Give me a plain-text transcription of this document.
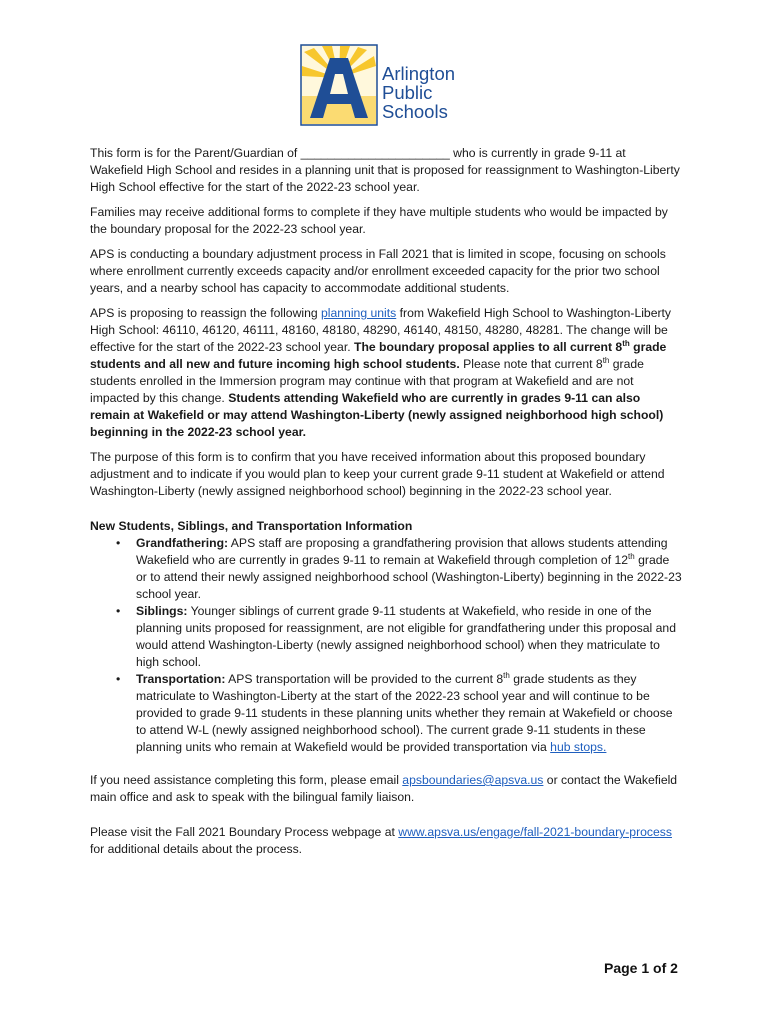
Arlington
Public
Schools

This form is for the Parent/Guardian of ______________________ who is currently in grade 9-11 at Wakefield High School and resides in a planning unit that is proposed for reassignment to Washington-Liberty High School effective for the start of the 2022-23 school year.

Families may receive additional forms to complete if they have multiple students who would be impacted by the boundary proposal for the 2022-23 school year.

APS is conducting a boundary adjustment process in Fall 2021 that is limited in scope, focusing on schools where enrollment currently exceeds capacity and/or enrollment exceeded capacity for the prior two school years, and a nearby school has capacity to accommodate additional students.

APS is proposing to reassign the following planning units from Wakefield High School to Washington-Liberty High School: 46110, 46120, 46111, 48160, 48180, 48290, 46140, 48150, 48280, 48281. The change will be effective for the start of the 2022-23 school year. The boundary proposal applies to all current 8th grade students and all new and future incoming high school students. Please note that current 8th grade students enrolled in the Immersion program may continue with that program at Wakefield and are not impacted by this change. Students attending Wakefield who are currently in grades 9-11 can also remain at Wakefield or may attend Washington-Liberty (newly assigned neighborhood high school) beginning in the 2022-23 school year.

The purpose of this form is to confirm that you have received information about this proposed boundary adjustment and to indicate if you would plan to keep your current grade 9-11 student at Wakefield or attend Washington-Liberty (newly assigned neighborhood school) beginning in the 2022-23 school year.

New Students, Siblings, and Transportation Information
• Grandfathering: APS staff are proposing a grandfathering provision that allows students attending Wakefield who are currently in grades 9-11 to remain at Wakefield through completion of 12th grade or to attend their newly assigned neighborhood school (Washington-Liberty) beginning in the 2022-23 school year.
• Siblings: Younger siblings of current grade 9-11 students at Wakefield, who reside in one of the planning units proposed for reassignment, are not eligible for grandfathering under this proposal and would attend Washington-Liberty (newly assigned neighborhood school) when they matriculate to high school.
• Transportation: APS transportation will be provided to the current 8th grade students as they matriculate to Washington-Liberty at the start of the 2022-23 school year and will continue to be provided to grade 9-11 students in these planning units whether they remain at Wakefield or choose to attend W-L (newly assigned neighborhood school). The current grade 9-11 students in these planning units who remain at Wakefield would be provided transportation via hub stops.

If you need assistance completing this form, please email apsboundaries@apsva.us or contact the Wakefield main office and ask to speak with the bilingual family liaison.

Please visit the Fall 2021 Boundary Process webpage at www.apsva.us/engage/fall-2021-boundary-process for additional details about the process.

Page 1 of 2
